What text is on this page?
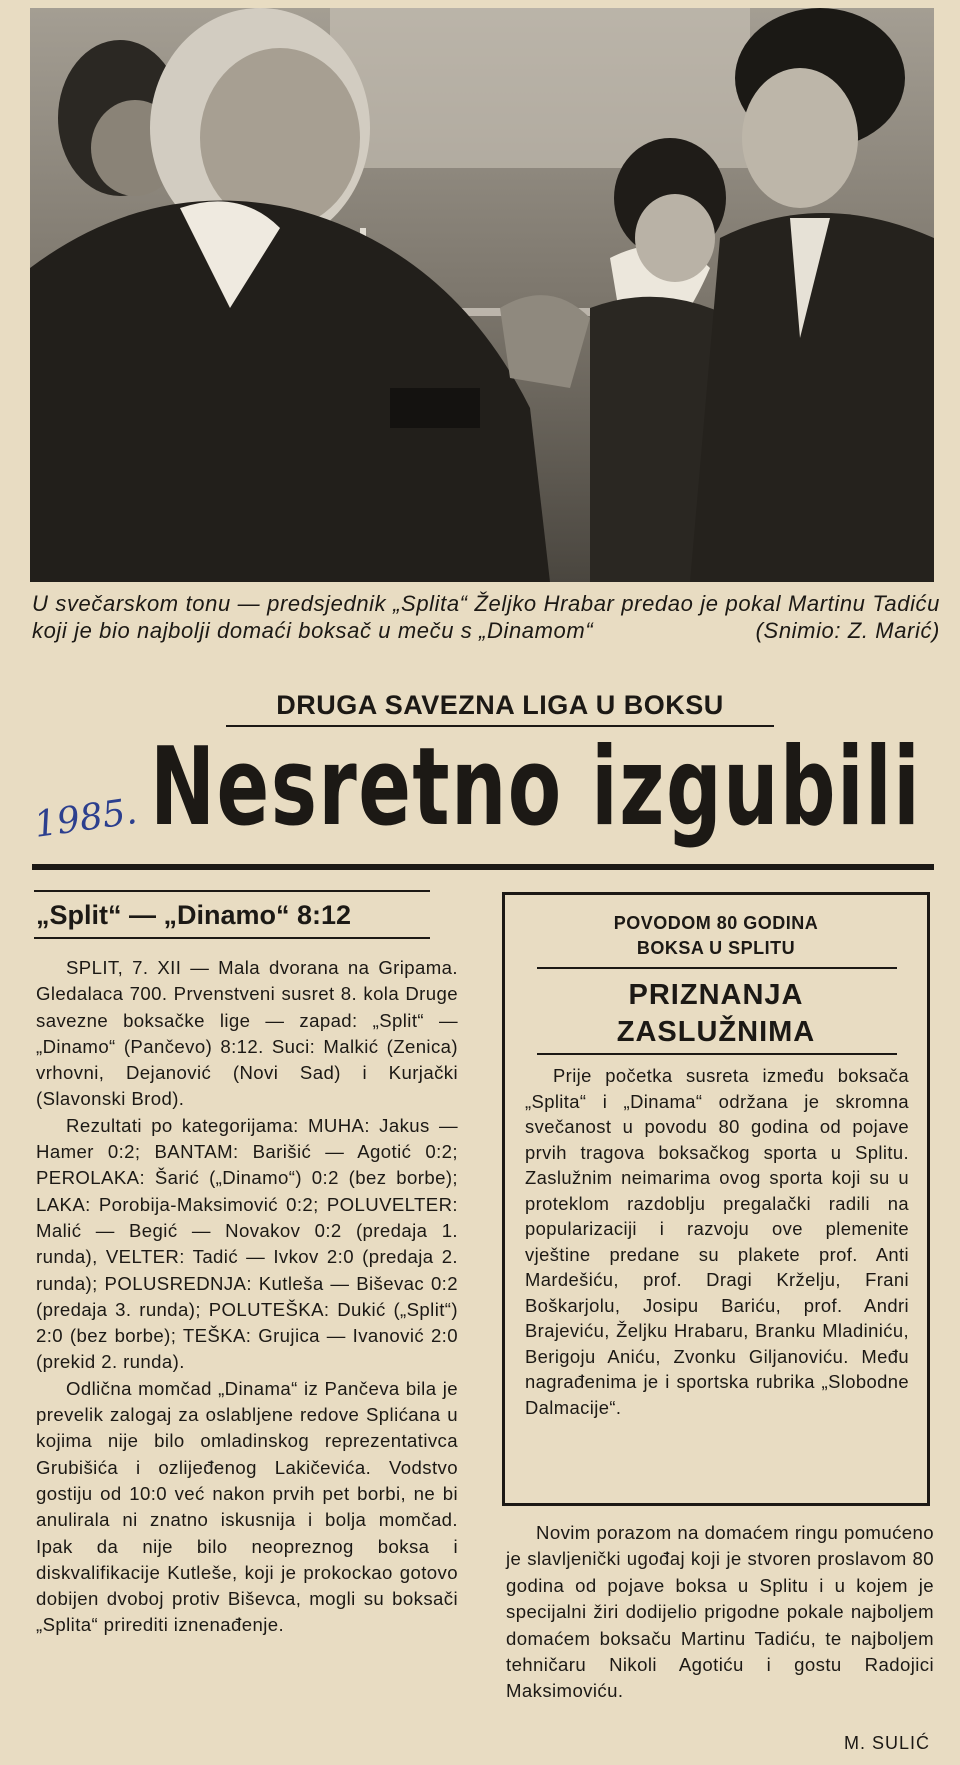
U svečarskom tonu — predsjednik „Splita“ Željko Hrabar predao je pokal Martinu Tadiću koji je bio najbolji domaći boksač u meču s „Dinamom“	(Snimio: Z. Marić)
DRUGA SAVEZNA LIGA U BOKSU
1985. Nesretno izgubili
„Split“ — „Dinamo“ 8:12

SPLIT, 7. XII — Mala dvorana na Gripama. Gledalaca 700. Prvenstveni susret 8. kola Druge savezne boksačke lige — zapad: „Split“ — „Dinamo“ (Pančevo) 8:12. Suci: Malkić (Zenica) vrhovni, Dejanović (Novi Sad) i Kurjački (Slavonski Brod).

Rezultati po kategorijama: MUHA: Jakus — Hamer 0:2; BANTAM: Barišić — Agotić 0:2; PEROLAKA: Šarić („Dinamo“) 0:2 (bez borbe); LAKA: Porobija-Maksimović 0:2; POLUVELTER: Malić — Begić — Novakov 0:2 (predaja 1. runda), VELTER: Tadić — Ivkov 2:0 (predaja 2. runda); POLUSREDNJA: Kutleša — Biševac 0:2 (predaja 3. runda); POLUTEŠKA: Dukić („Split“) 2:0 (bez borbe); TEŠKA: Grujica — Ivanović 2:0 (prekid 2. runda).

Odlična momčad „Dinama“ iz Pančeva bila je prevelik zalogaj za oslabljene redove Splićana u kojima nije bilo omladinskog reprezentativca Grubišića i ozlijeđenog Lakičevića. Vodstvo gostiju od 10:0 već nakon prvih pet borbi, ne bi anulirala ni znatno iskusnija i bolja momčad. Ipak da nije bilo neopreznog boksa i diskvalifikacije Kutleše, koji je prokockao gotovo dobijen dvoboj protiv Biševca, mogli su boksači „Splita“ prirediti iznenađenje.

POVODOM 80 GODINA
BOKSA U SPLITU
PRIZNANJA
ZASLUŽNIMA

Prije početka susreta između boksača „Splita“ i „Dinama“ održana je skromna svečanost u povodu 80 godina od pojave prvih tragova boksačkog sporta u Splitu. Zaslužnim neimarima ovog sporta koji su u proteklom razdoblju pregalački radili na popularizaciji i razvoju ove plemenite vještine predane su plakete prof. Anti Mardešiću, prof. Dragi Krželju, Frani Boškarjolu, Josipu Bariću, prof. Andri Brajeviću, Željku Hrabaru, Branku Mladiniću, Berigoju Aniću, Zvonku Giljanoviću. Među nagrađenima je i sportska rubrika „Slobodne Dalmacije“.

Novim porazom na domaćem ringu pomućeno je slavljenički ugođaj koji je stvoren proslavom 80 godina od pojave boksa u Splitu i u kojem je specijalni žiri dodijelio prigodne pokale najboljem domaćem boksaču Martinu Tadiću, te najboljem tehničaru Nikoli Agotiću i gostu Radojici Maksimoviću.

M. SULIĆ
